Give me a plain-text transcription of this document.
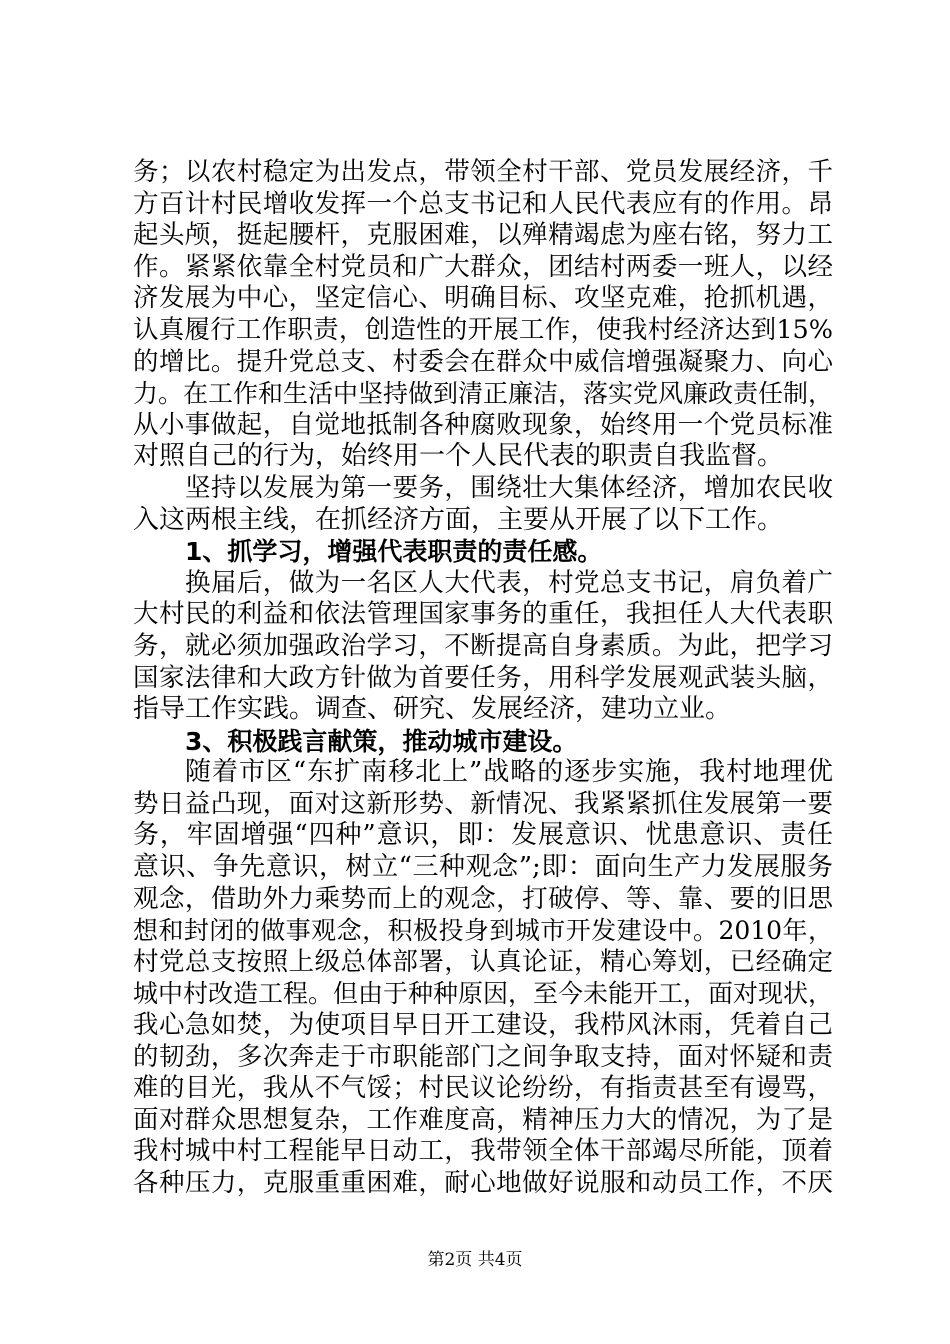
务；以农村稳定为出发点，带领全村干部、党员发展经济，千
方百计村民增收发挥一个总支书记和人民代表应有的作用。昂
起头颅，挺起腰杆，克服困难，以殚精竭虑为座右铭，努力工
作。紧紧依靠全村党员和广大群众，团结村两委一班人，以经
济发展为中心，坚定信心、明确目标、攻坚克难，抢抓机遇，
认真履行工作职责，创造性的开展工作，使我村经济达到15%
的增比。提升党总支、村委会在群众中威信增强凝聚力、向心
力。在工作和生活中坚持做到清正廉洁，落实党风廉政责任制，
从小事做起，自觉地抵制各种腐败现象，始终用一个党员标准
对照自己的行为，始终用一个人民代表的职责自我监督。
坚持以发展为第一要务，围绕壮大集体经济，增加农民收
入这两根主线，在抓经济方面，主要从开展了以下工作。
1、抓学习，增强代表职责的责任感。
换届后，做为一名区人大代表，村党总支书记，肩负着广
大村民的利益和依法管理国家事务的重任，我担任人大代表职
务，就必须加强政治学习，不断提高自身素质。为此，把学习
国家法律和大政方针做为首要任务，用科学发展观武装头脑，
指导工作实践。调查、研究、发展经济，建功立业。
3、积极践言献策，推动城市建设。
随着市区“东扩南移北上”战略的逐步实施，我村地理优
势日益凸现，面对这新形势、新情况、我紧紧抓住发展第一要
务，牢固增强“四种”意识，即：发展意识、忧患意识、责任
意识、争先意识，树立“三种观念”;即：面向生产力发展服务
观念，借助外力乘势而上的观念，打破停、等、靠、要的旧思
想和封闭的做事观念，积极投身到城市开发建设中。2010年，
村党总支按照上级总体部署，认真论证，精心筹划，已经确定
城中村改造工程。但由于种种原因，至今未能开工，面对现状，
我心急如焚，为使项目早日开工建设，我栉风沐雨，凭着自己
的韧劲，多次奔走于市职能部门之间争取支持，面对怀疑和责
难的目光，我从不气馁；村民议论纷纷，有指责甚至有谩骂，
面对群众思想复杂，工作难度高，精神压力大的情况，为了是
我村城中村工程能早日动工，我带领全体干部竭尽所能，顶着
各种压力，克服重重困难，耐心地做好说服和动员工作，不厌
第2页 共4页
